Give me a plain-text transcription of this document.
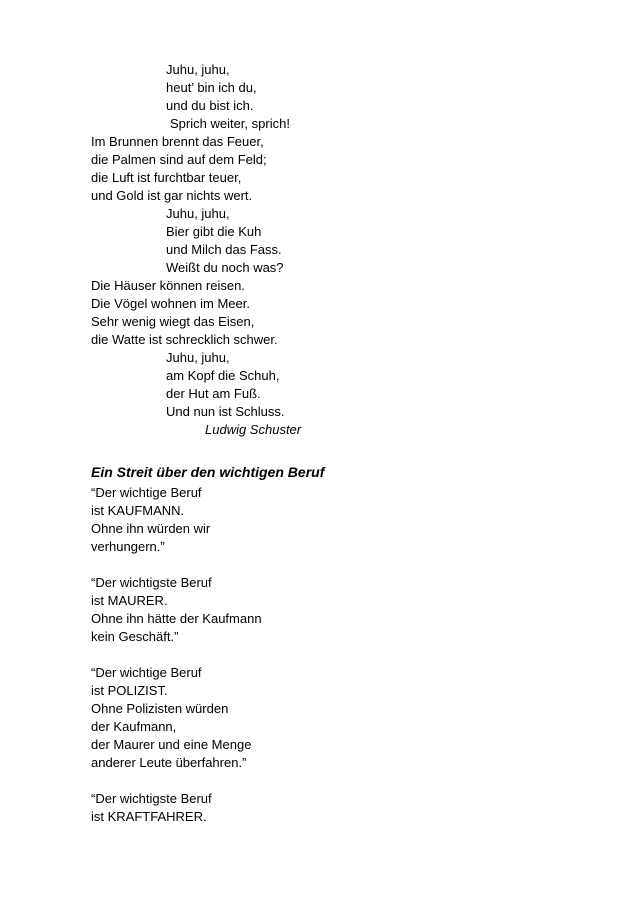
Juhu, juhu,
heut’ bin ich du,
und du bist ich.
Sprich weiter, sprich!
Im Brunnen brennt das Feuer,
die Palmen sind auf dem Feld;
die Luft ist furchtbar teuer,
und Gold ist gar nichts wert.
Juhu, juhu,
Bier gibt die Kuh
und Milch das Fass.
Weißt du noch was?
Die Häuser können reisen.
Die Vögel wohnen im Meer.
Sehr wenig wiegt das Eisen,
die Watte ist schrecklich schwer.
Juhu, juhu,
am Kopf die Schuh,
der Hut am Fuß.
Und nun ist Schluss.
Ludwig Schuster
Ein Streit über den wichtigen Beruf
“Der wichtige Beruf
ist KAUFMANN.
Ohne ihn würden wir
verhungern.”
“Der wichtigste Beruf
ist MAURER.
Ohne ihn hätte der Kaufmann
kein Geschäft.”
“Der wichtige Beruf
ist POLIZIST.
Ohne Polizisten würden
der Kaufmann,
der Maurer und eine Menge
anderer Leute überfahren.”
“Der wichtigste Beruf
ist KRAFTFAHRER.
